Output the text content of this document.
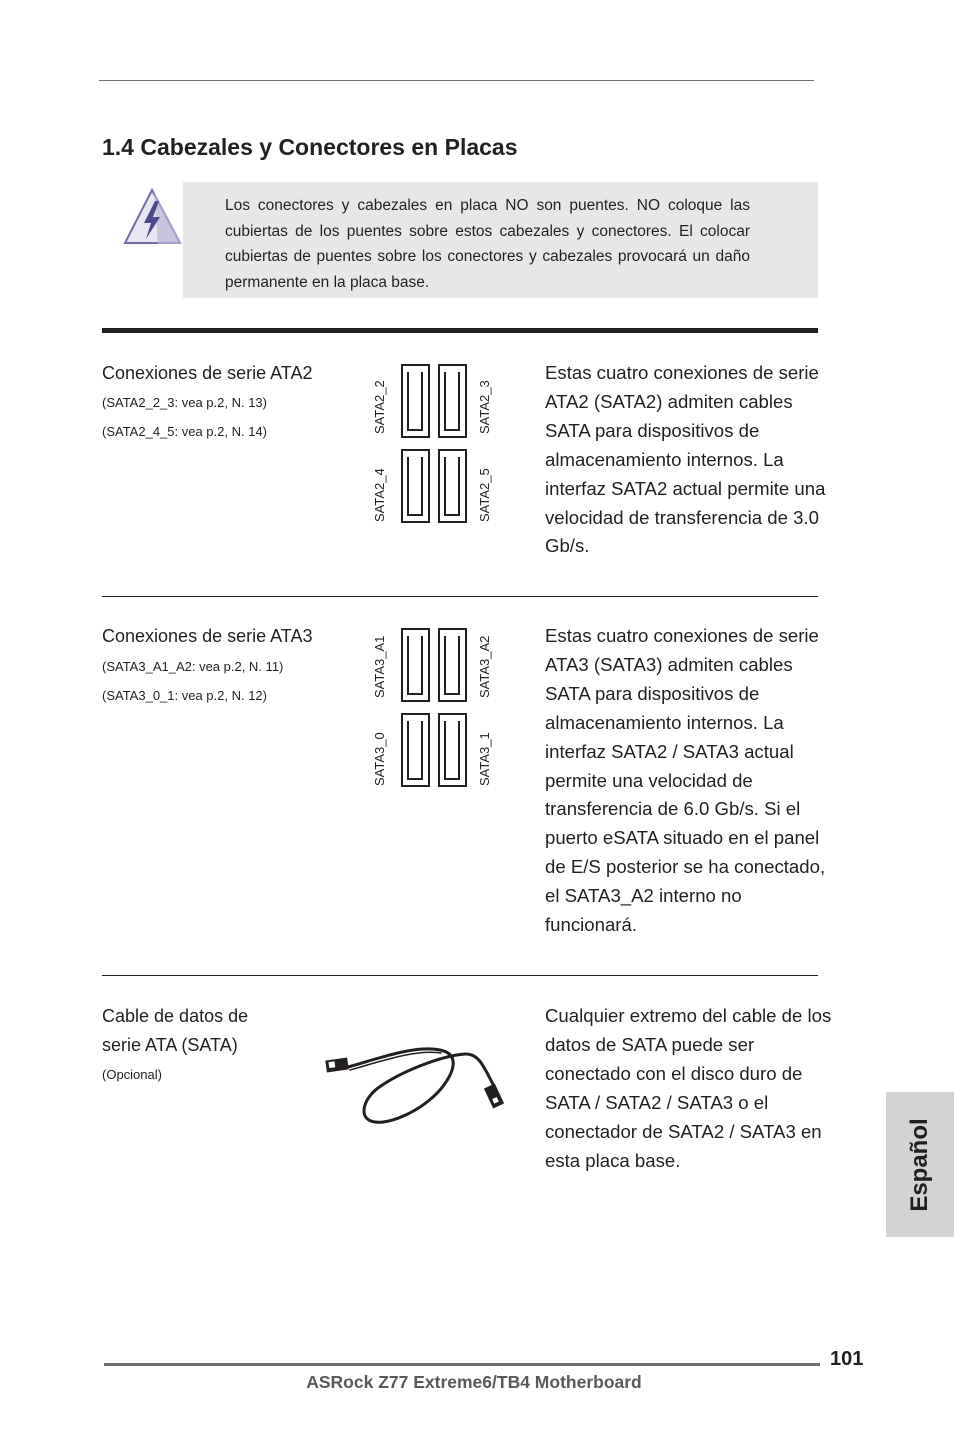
1.4 Cabezales y Conectores en Placas

Los conectores y cabezales en placa NO son puentes. NO coloque las cubiertas de los puentes sobre estos cabezales y conectores. El colocar cubiertas de puentes sobre los conectores y cabezales provocará un daño permanente en la placa base.

Conexiones de serie ATA2
(SATA2_2_3: vea p.2, N. 13)
(SATA2_4_5: vea p.2, N. 14)	SATA2_2	SATA2_3
SATA2_4	SATA2_5

Estas cuatro conexiones de serie ATA2 (SATA2) admiten cables SATA para dispositivos de almacenamiento internos. La interfaz SATA2 actual permite una velocidad de transferencia de 3.0 Gb/s.

Conexiones de serie ATA3
(SATA3_A1_A2: vea p.2, N. 11)
(SATA3_0_1: vea p.2, N. 12)	SATA3_A1	SATA3_A2
SATA3_0	SATA3_1

Estas cuatro conexiones de serie ATA3 (SATA3) admiten cables SATA para dispositivos de almacenamiento internos. La interfaz SATA2 / SATA3 actual permite una velocidad de transferencia de 6.0 Gb/s. Si el puerto eSATA situado en el panel de E/S posterior se ha conectado, el SATA3_A2 interno no funcionará.

Cable de datos de
serie ATA (SATA)
(Opcional)

Cualquier extremo del cable de los datos de SATA puede ser conectado con el disco duro de SATA / SATA2 / SATA3 o el conectador de SATA2 / SATA3 en esta placa base.	Español
101
ASRock Z77 Extreme6/TB4 Motherboard
